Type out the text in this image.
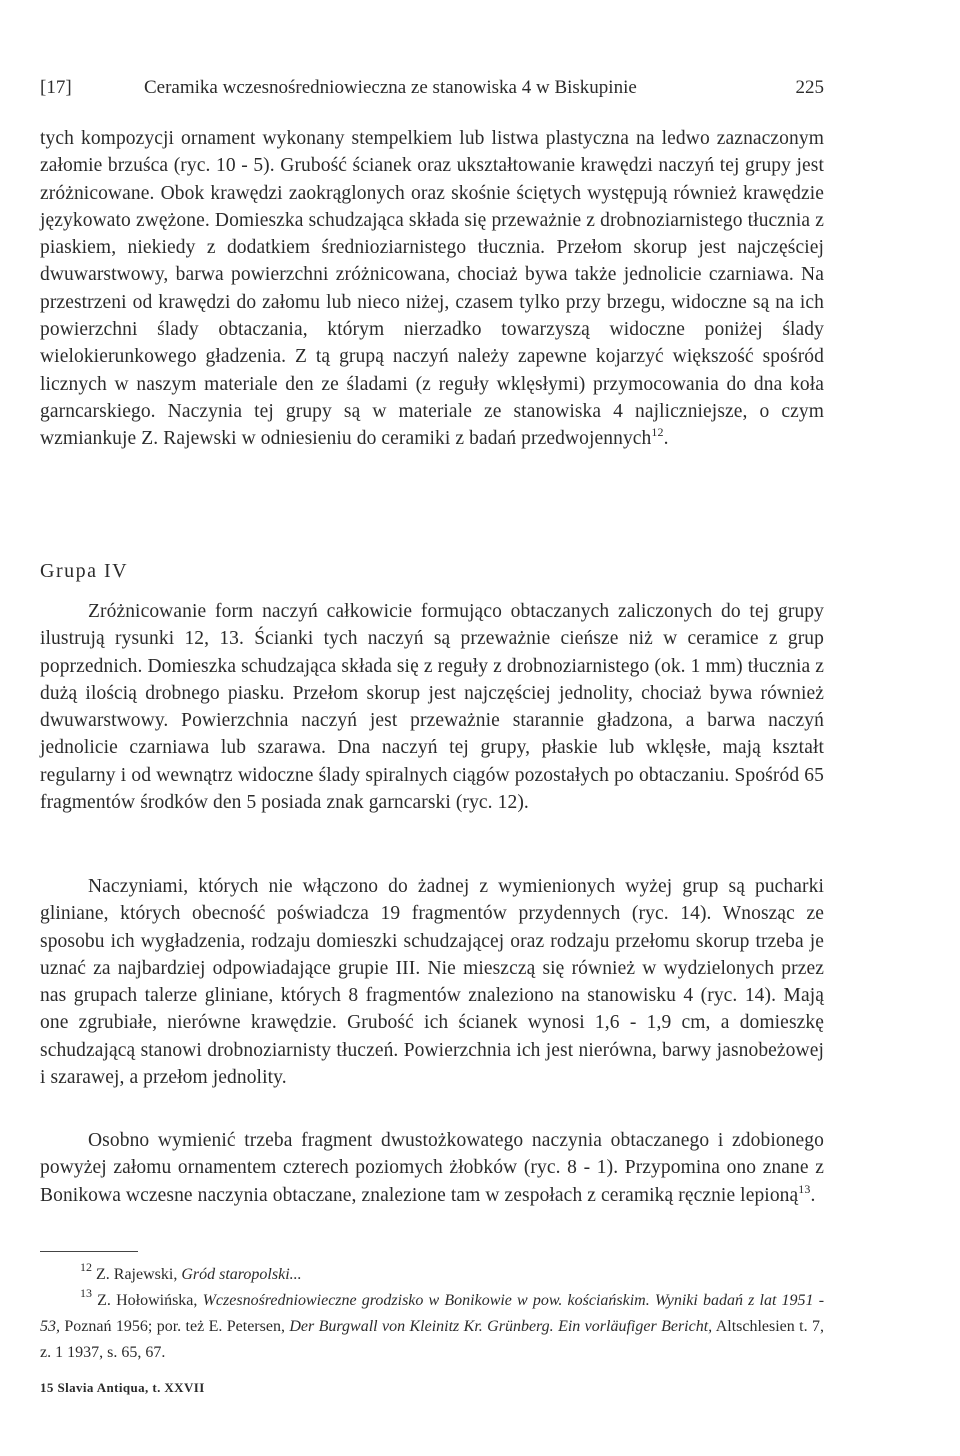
[17]	Ceramika wczesnośredniowieczna ze stanowiska 4 w Biskupinie	225

tych kompozycji ornament wykonany stempelkiem lub listwa plastyczna na ledwo zaznaczonym załomie brzuśca (ryc. 10 - 5). Grubość ścianek oraz ukształtowanie krawędzi naczyń tej grupy jest zróżnicowane. Obok krawędzi zaokrąglonych oraz skośnie ściętych występują również krawędzie językowato zwężone. Domieszka schudzająca składa się przeważnie z drobnoziarnistego tłucznia z piaskiem, niekiedy z dodatkiem średnioziarnistego tłucznia. Przełom skorup jest najczęściej dwuwarstwowy, barwa powierzchni zróżnicowana, chociaż bywa także jednolicie czarniawa. Na przestrzeni od krawędzi do załomu lub nieco niżej, czasem tylko przy brzegu, widoczne są na ich powierzchni ślady obtaczania, którym nierzadko towarzyszą widoczne poniżej ślady wielokierunkowego gładzenia. Z tą grupą naczyń należy zapewne kojarzyć większość spośród licznych w naszym materiale den ze śladami (z reguły wklęsłymi) przymocowania do dna koła garncarskiego. Naczynia tej grupy są w materiale ze stanowiska 4 najliczniejsze, o czym wzmiankuje Z. Rajewski w odniesieniu do ceramiki z badań przedwojennych$^{12}$.

Grupa IV

Zróżnicowanie form naczyń całkowicie formująco obtaczanych zaliczonych do tej grupy ilustrują rysunki 12, 13. Ścianki tych naczyń są przeważnie cieńsze niż w ceramice z grup poprzednich. Domieszka schudzająca składa się z reguły z drobnoziarnistego (ok. 1 mm) tłucznia z dużą ilością drobnego piasku. Przełom skorup jest najczęściej jednolity, chociaż bywa również dwuwarstwowy. Powierzchnia naczyń jest przeważnie starannie gładzona, a barwa naczyń jednolicie czarniawa lub szarawa. Dna naczyń tej grupy, płaskie lub wklęsłe, mają kształt regularny i od wewnątrz widoczne ślady spiralnych ciągów pozostałych po obtaczaniu. Spośród 65 fragmentów środków den 5 posiada znak garncarski (ryc. 12).

Naczyniami, których nie włączono do żadnej z wymienionych wyżej grup są pucharki gliniane, których obecność poświadcza 19 fragmentów przydennych (ryc. 14). Wnosząc ze sposobu ich wygładzenia, rodzaju domieszki schudzającej oraz rodzaju przełomu skorup trzeba je uznać za najbardziej odpowiadające grupie III. Nie mieszczą się również w wydzielonych przez nas grupach talerze gliniane, których 8 fragmentów znaleziono na stanowisku 4 (ryc. 14). Mają one zgrubiałe, nierówne krawędzie. Grubość ich ścianek wynosi 1,6 - 1,9 cm, a domieszkę schudzającą stanowi drobnoziarnisty tłuczeń. Powierzchnia ich jest nierówna, barwy jasnobeżowej i szarawej, a przełom jednolity.

Osobno wymienić trzeba fragment dwustożkowatego naczynia obtaczanego i zdobionego powyżej załomu ornamentem czterech poziomych żłobków (ryc. 8 - 1). Przypomina ono znane z Bonikowa wczesne naczynia obtaczane, znalezione tam w zespołach z ceramiką ręcznie lepioną$^{13}$.

$^{12}$ Z. Rajewski, Gród staropolski...
$^{13}$ Z. Hołowińska, Wczesnośredniowieczne grodzisko w Bonikowie w pow. kościańskim. Wyniki badań z lat 1951 - 53, Poznań 1956; por. też E. Petersen, Der Burgwall von Kleinitz Kr. Grünberg. Ein vorläufiger Bericht, Altschlesien t. 7, z. 1 1937, s. 65, 67.
15 Slavia Antiqua, t. XXVII
